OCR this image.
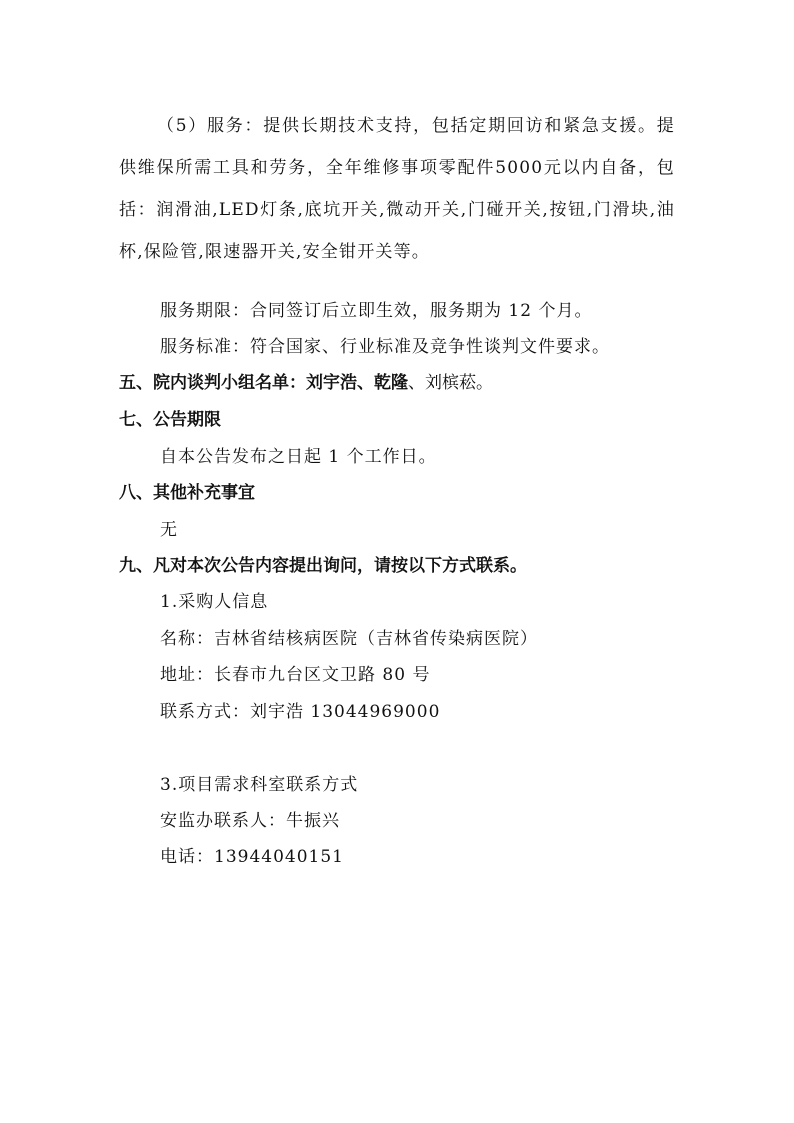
（5）服务：提供长期技术支持，包括定期回访和紧急支援。提供维保所需工具和劳务，全年维修事项零配件5000元以内自备，包括：润滑油,LED灯条,底坑开关,微动开关,门碰开关,按钮,门滑块,油杯,保险管,限速器开关,安全钳开关等。
服务期限：合同签订后立即生效，服务期为 12 个月。
服务标准：符合国家、行业标准及竞争性谈判文件要求。
五、院内谈判小组名单：刘宇浩、乾隆、刘槟菘。
七、公告期限
自本公告发布之日起 1 个工作日。
八、其他补充事宜
无
九、凡对本次公告内容提出询问，请按以下方式联系。
1.采购人信息
名称：吉林省结核病医院（吉林省传染病医院）
地址：长春市九台区文卫路 80 号
联系方式：刘宇浩 13044969000
3.项目需求科室联系方式
安监办联系人：牛振兴
电话：13944040151
